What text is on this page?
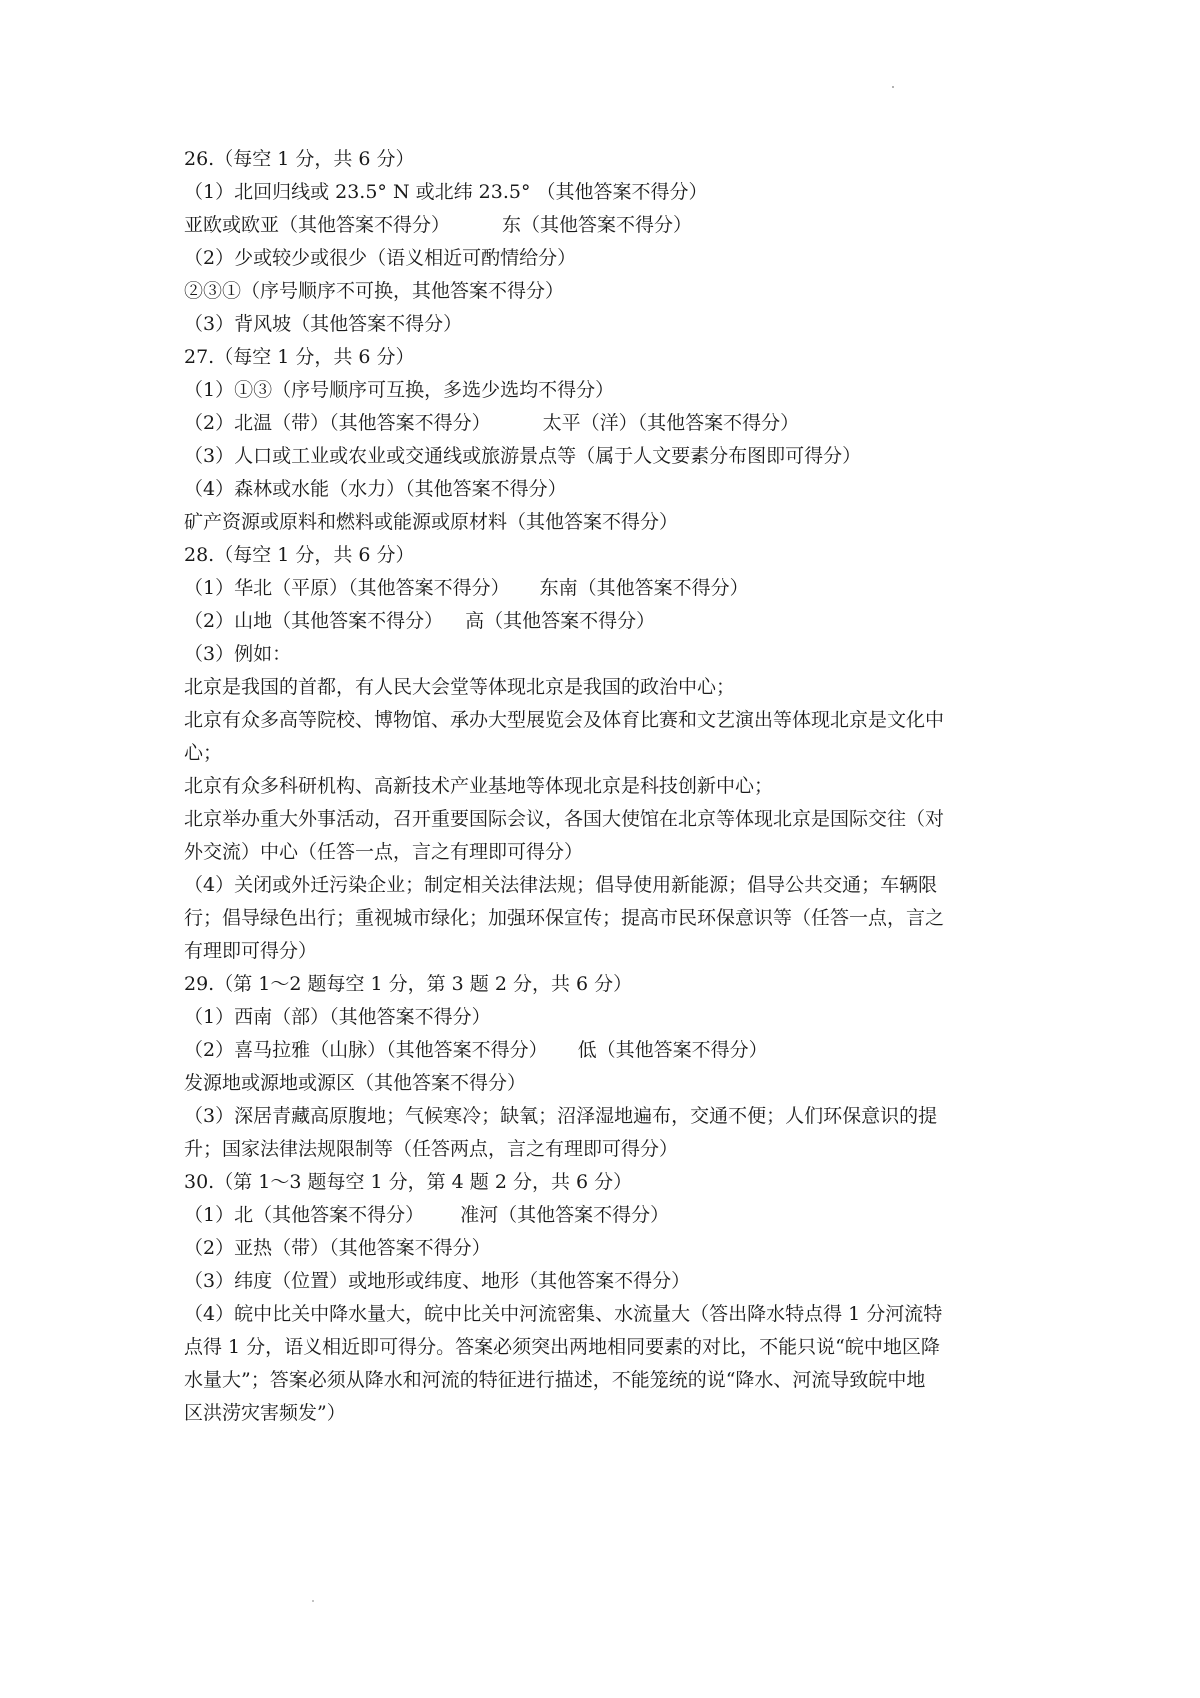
26.（每空 1 分，共 6 分）
（1）北回归线或 23.5° N 或北纬 23.5° （其他答案不得分）
亚欧或欧亚（其他答案不得分）	东（其他答案不得分）
（2）少或较少或很少（语义相近可酌情给分）
②③①（序号顺序不可换，其他答案不得分）
（3）背风坡（其他答案不得分）
27.（每空 1 分，共 6 分）
（1）①③（序号顺序可互换，多选少选均不得分）
（2）北温（带）（其他答案不得分）	太平（洋）（其他答案不得分）
（3）人口或工业或农业或交通线或旅游景点等（属于人文要素分布图即可得分）
（4）森林或水能（水力）（其他答案不得分）
矿产资源或原料和燃料或能源或原材料（其他答案不得分）
28.（每空 1 分，共 6 分）
（1）华北（平原）（其他答案不得分） 东南（其他答案不得分）
（2）山地（其他答案不得分） 高（其他答案不得分）
（3）例如：
北京是我国的首都，有人民大会堂等体现北京是我国的政治中心；
北京有众多高等院校、博物馆、承办大型展览会及体育比赛和文艺演出等体现北京是文化中
心；
北京有众多科研机构、高新技术产业基地等体现北京是科技创新中心；
北京举办重大外事活动，召开重要国际会议，各国大使馆在北京等体现北京是国际交往（对
外交流）中心（任答一点，言之有理即可得分）
（4）关闭或外迁污染企业；制定相关法律法规；倡导使用新能源；倡导公共交通；车辆限
行；倡导绿色出行；重视城市绿化；加强环保宣传；提高市民环保意识等（任答一点，言之
有理即可得分）
29.（第 1～2 题每空 1 分，第 3 题 2 分，共 6 分）
（1）西南（部）（其他答案不得分）
（2）喜马拉雅（山脉）（其他答案不得分） 低（其他答案不得分）
发源地或源地或源区（其他答案不得分）
（3）深居青藏高原腹地；气候寒冷；缺氧；沼泽湿地遍布，交通不便；人们环保意识的提
升；国家法律法规限制等（任答两点，言之有理即可得分）
30.（第 1～3 题每空 1 分，第 4 题 2 分，共 6 分）
（1）北（其他答案不得分） 准河（其他答案不得分）
（2）亚热（带）（其他答案不得分）
（3）纬度（位置）或地形或纬度、地形（其他答案不得分）
（4）皖中比关中降水量大，皖中比关中河流密集、水流量大（答出降水特点得 1 分河流特
点得 1 分，语义相近即可得分。答案必须突出两地相同要素的对比，不能只说“皖中地区降
水量大”；答案必须从降水和河流的特征进行描述，不能笼统的说“降水、河流导致皖中地
区洪涝灾害频发”）
